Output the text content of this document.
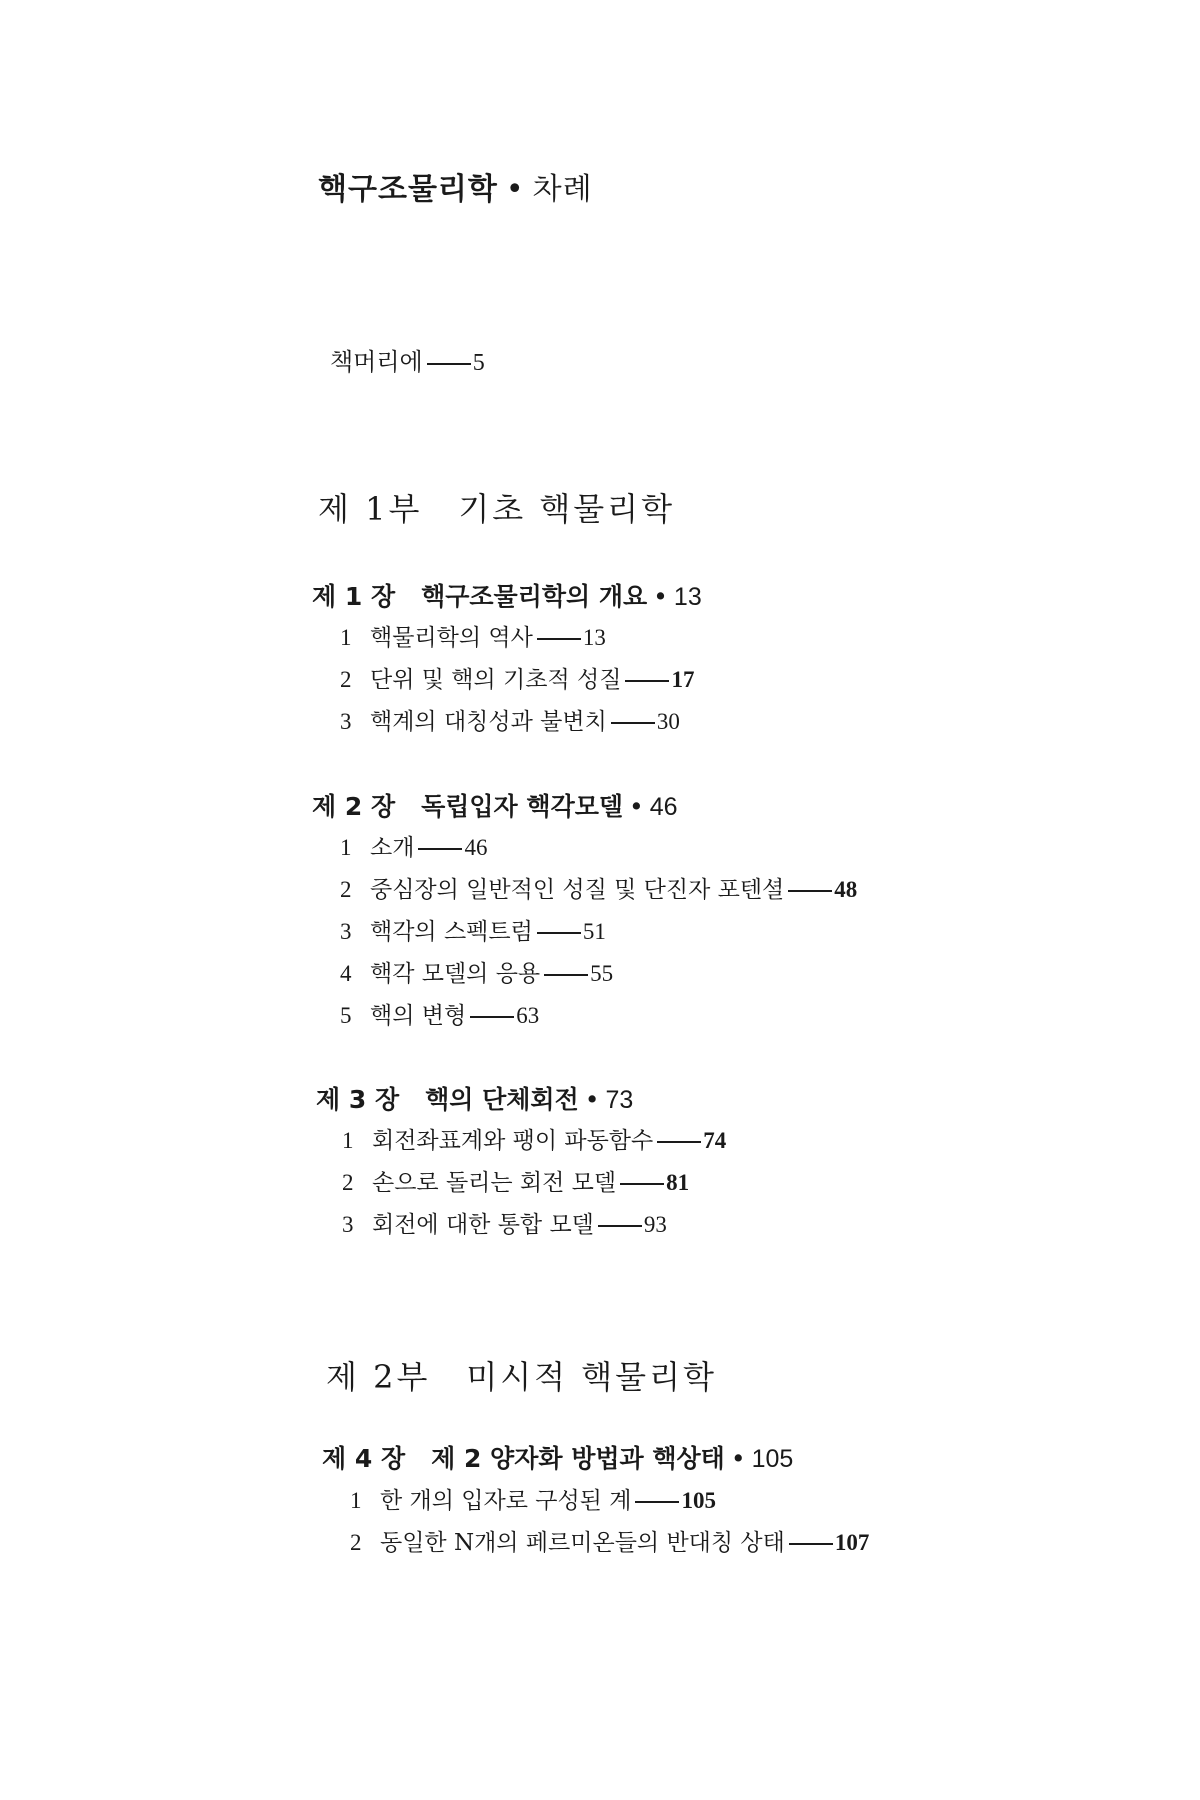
핵구조물리학 • 차례
책머리에 5
제 1부 기초 핵물리학
제 1 장 핵구조물리학의 개요 • 13
1 핵물리학의 역사 13
2 단위 및 핵의 기초적 성질 17
3 핵계의 대칭성과 불변치 30
제 2 장 독립입자 핵각모델 • 46
1 소개 46
2 중심장의 일반적인 성질 및 단진자 포텐셜 48
3 핵각의 스펙트럼 51
4 핵각 모델의 응용 55
5 핵의 변형 63
제 3 장 핵의 단체회전 • 73
1 회전좌표계와 팽이 파동함수 74
2 손으로 돌리는 회전 모델 81
3 회전에 대한 통합 모델 93
제 2부 미시적 핵물리학
제 4 장 제 2 양자화 방법과 핵상태 • 105
1 한 개의 입자로 구성된 계 105
2 동일한 N개의 페르미온들의 반대칭 상태 107
